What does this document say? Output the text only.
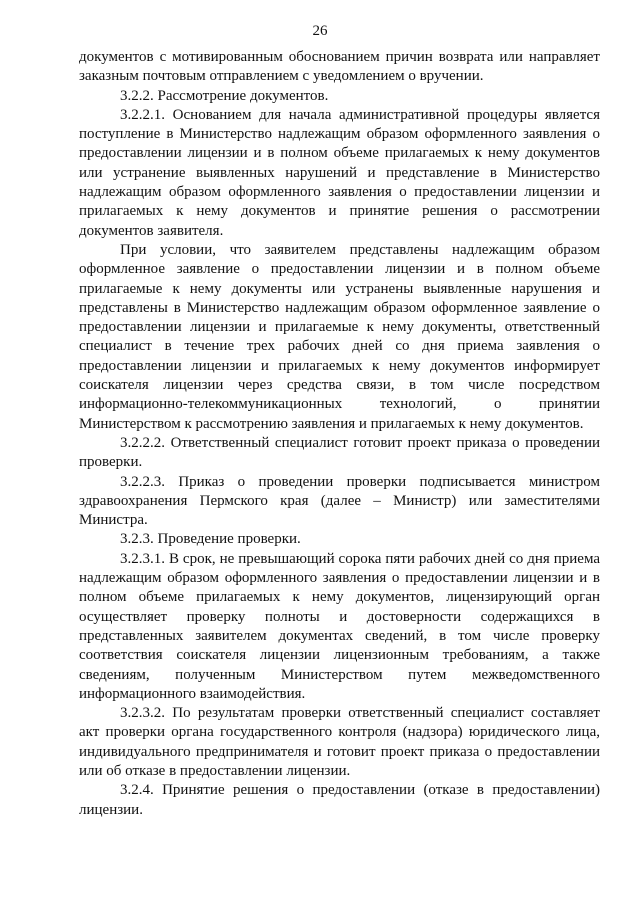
26

документов с мотивированным обоснованием причин возврата или направляет заказным почтовым отправлением с уведомлением о вручении.

3.2.2. Рассмотрение документов.

3.2.2.1. Основанием для начала административной процедуры является поступление в Министерство надлежащим образом оформленного заявления о предоставлении лицензии и в полном объеме прилагаемых к нему документов или устранение выявленных нарушений и представление в Министерство надлежащим образом оформленного заявления о предоставлении лицензии и прилагаемых к нему документов и принятие решения о рассмотрении документов заявителя.

При условии, что заявителем представлены надлежащим образом оформленное заявление о предоставлении лицензии и в полном объеме прилагаемые к нему документы или устранены выявленные нарушения и представлены в Министерство надлежащим образом оформленное заявление о предоставлении лицензии и прилагаемые к нему документы, ответственный специалист в течение трех рабочих дней со дня приема заявления о предоставлении лицензии и прилагаемых к нему документов информирует соискателя лицензии через средства связи, в том числе посредством информационно-телекоммуникационных технологий, о принятии Министерством к рассмотрению заявления и прилагаемых к нему документов.

3.2.2.2. Ответственный специалист готовит проект приказа о проведении проверки.

3.2.2.3. Приказ о проведении проверки подписывается министром здравоохранения Пермского края (далее – Министр) или заместителями Министра.

3.2.3. Проведение проверки.

3.2.3.1. В срок, не превышающий сорока пяти рабочих дней со дня приема надлежащим образом оформленного заявления о предоставлении лицензии и в полном объеме прилагаемых к нему документов, лицензирующий орган осуществляет проверку полноты и достоверности содержащихся в представленных заявителем документах сведений, в том числе проверку соответствия соискателя лицензии лицензионным требованиям, а также сведениям, полученным Министерством путем межведомственного информационного взаимодействия.

3.2.3.2. По результатам проверки ответственный специалист составляет акт проверки органа государственного контроля (надзора) юридического лица, индивидуального предпринимателя и готовит проект приказа о предоставлении или об отказе в предоставлении лицензии.

3.2.4. Принятие решения о предоставлении (отказе в предоставлении) лицензии.
